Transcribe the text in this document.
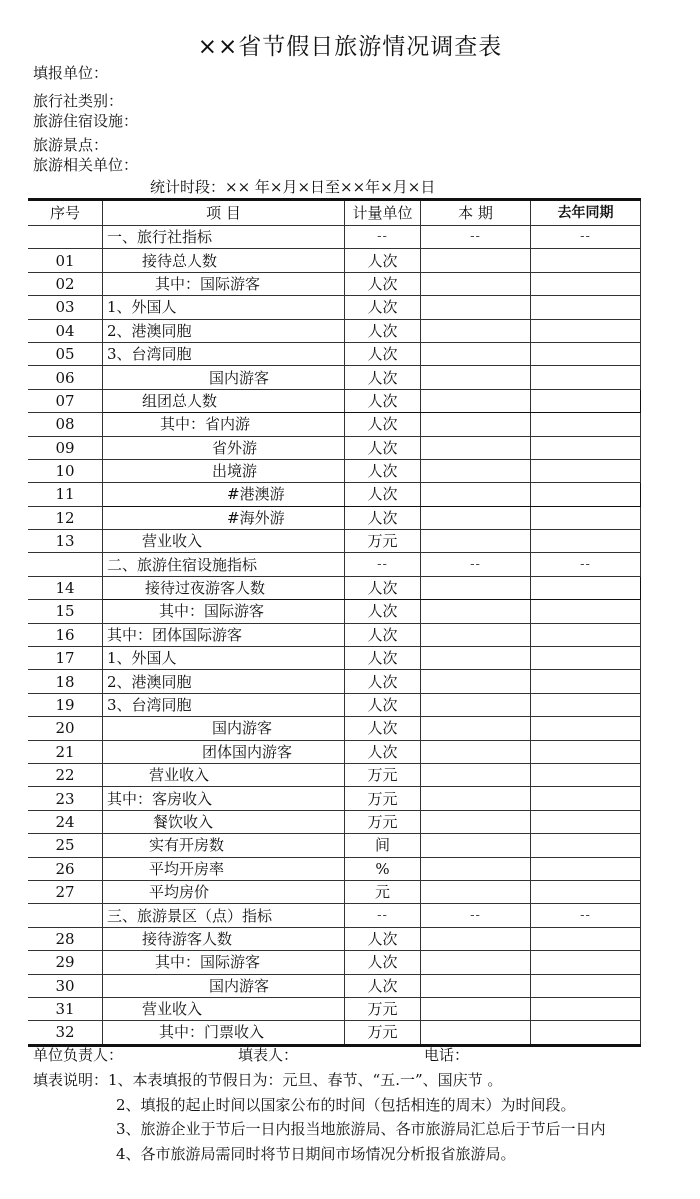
××省节假日旅游情况调查表
填报单位：
旅行社类别：
旅游住宿设施：
旅游景点：
旅游相关单位：
统计时段：×× 年×月×日至××年×月×日
序号	项 目	计量单位	本 期	去年同期
	一、旅行社指标	--	--	--
01	接待总人数	人次		
02	其中：国际游客	人次		
03	1、外国人	人次		
04	2、港澳同胞	人次		
05	3、台湾同胞	人次		
06	国内游客	人次		
07	组团总人数	人次		
08	其中：省内游	人次		
09	省外游	人次		
10	出境游	人次		
11	#港澳游	人次		
12	#海外游	人次		
13	营业收入	万元		
	二、旅游住宿设施指标	--	--	--
14	接待过夜游客人数	人次		
15	其中：国际游客	人次		
16	其中：团体国际游客	人次		
17	1、外国人	人次		
18	2、港澳同胞	人次		
19	3、台湾同胞	人次		
20	国内游客	人次		
21	团体国内游客	人次		
22	营业收入	万元		
23	其中：客房收入	万元		
24	餐饮收入	万元		
25	实有开房数	间		
26	平均开房率	%		
27	平均房价	元		
	三、旅游景区（点）指标	--	--	--
28	接待游客人数	人次		
29	其中：国际游客	人次		
30	国内游客	人次		
31	营业收入	万元		
32	其中：门票收入	万元		
单位负责人：	填表人：	电话：
填表说明：1、本表填报的节假日为：元旦、春节、“五.一”、国庆节 。
2、填报的起止时间以国家公布的时间（包括相连的周末）为时间段。
3、旅游企业于节后一日内报当地旅游局、各市旅游局汇总后于节后一日内
4、各市旅游局需同时将节日期间市场情况分析报省旅游局。
